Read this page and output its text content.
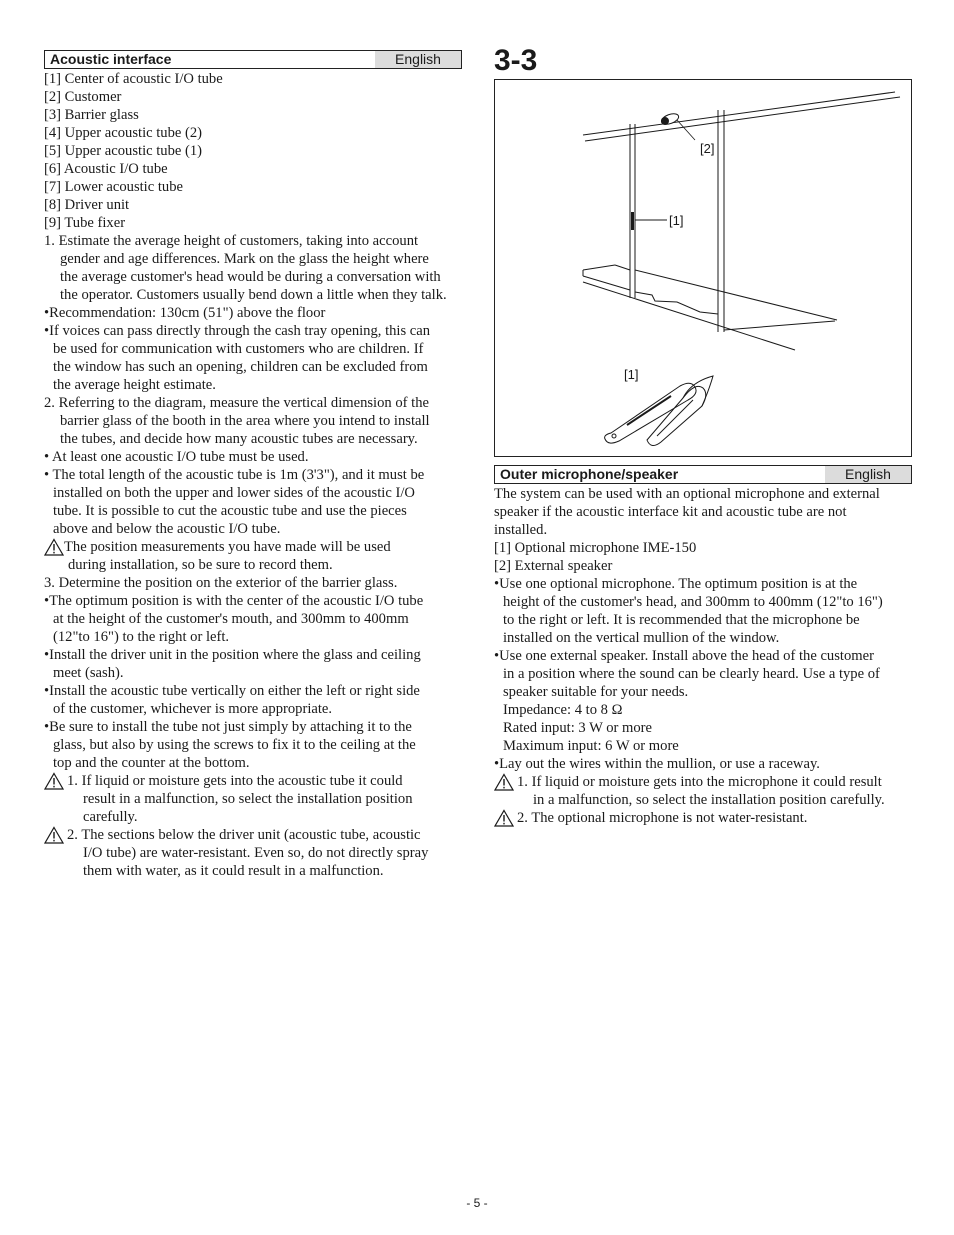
Acoustic interface	English
[1] Center of acoustic I/O tube
[2] Customer
[3] Barrier glass
[4] Upper acoustic tube (2)
[5] Upper acoustic tube (1)
[6] Acoustic I/O tube
[7] Lower acoustic tube
[8] Driver unit
[9] Tube fixer
1. Estimate the average height of customers, taking into account
gender and age differences. Mark on the glass the height where
the average customer's head would be during a conversation with
the operator. Customers usually bend down a little when they talk.
•Recommendation: 130cm (51") above the floor
•If voices can pass directly through the cash tray opening, this can
be used for communication with customers who are children. If
the window has such an opening, children can be excluded from
the average height estimate.
2. Referring to the diagram, measure the vertical dimension of the
barrier glass of the booth in the area where you intend to install
the tubes, and decide how many acoustic tubes are necessary.
• At least one acoustic I/O tube must be used.
• The total length of the acoustic tube is 1m (3'3"), and it must be
installed on both the upper and lower sides of the acoustic I/O
tube. It is possible to cut the acoustic tube and use the pieces
above and below the acoustic I/O tube.
The position measurements you have made will be used
during installation, so be sure to record them.
3. Determine the position on the exterior of the barrier glass.
•The optimum position is with the center of the acoustic I/O tube
at the height of the customer's mouth, and 300mm to 400mm
(12"to 16") to the right or left.
•Install the driver unit in the position where the glass and ceiling
meet (sash).
•Install the acoustic tube vertically on either the left or right side
of the customer, whichever is more appropriate.
•Be sure to install the tube not just simply by attaching it to the
glass, but also by using the screws to fix it to the ceiling at the
top and the counter at the bottom.
1. If liquid or moisture gets into the acoustic tube it could
result in a malfunction, so select the installation position
carefully.
2. The sections below the driver unit (acoustic tube, acoustic
I/O tube) are water-resistant. Even so, do not directly spray
them with water, as it could result in a malfunction.
3-3
[2]
[1]
[1]
Outer microphone/speaker	English
The system can be used with an optional microphone and external
speaker if the acoustic interface kit and acoustic tube are not
installed.
[1] Optional microphone IME-150
[2] External speaker
•Use one optional microphone. The optimum position is at the
height of the customer's head, and 300mm to 400mm (12"to 16")
to the right or left. It is recommended that the microphone be
installed on the vertical mullion of the window.
•Use one external speaker. Install above the head of the customer
in a position where the sound can be clearly heard. Use a type of
speaker suitable for your needs.
Impedance: 4 to 8 Ω
Rated input: 3 W or more
Maximum input: 6 W or more
•Lay out the wires within the mullion, or use a raceway.
1. If liquid or moisture gets into the microphone it could result
in a malfunction, so select the installation position carefully.
2. The optional microphone is not water-resistant.
- 5 -
